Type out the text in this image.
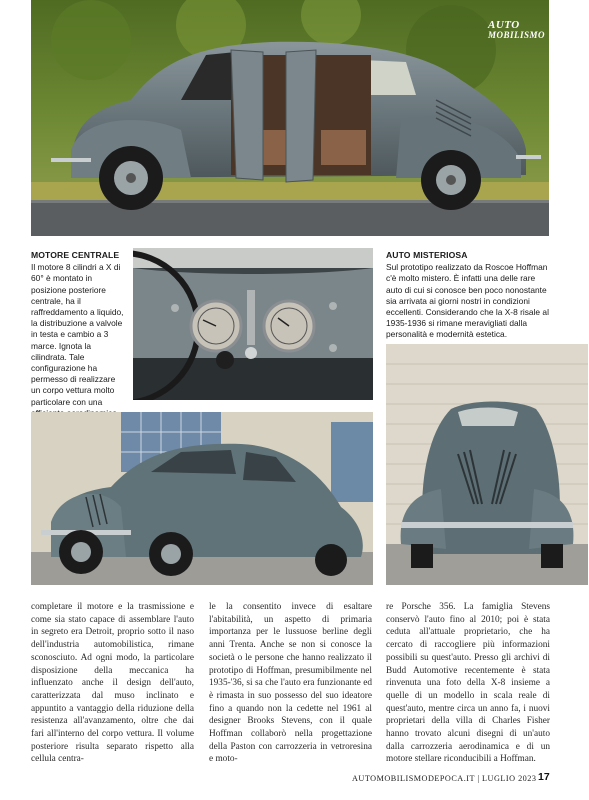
AUTO
MOBILISMO
MOTORE CENTRALE
Il motore 8 cilindri a X di 60° è montato in posizione posteriore centrale, ha il raffreddamento a liquido, la distribuzione a valvole in testa e cambio a 3 marce. Ignota la cilindrata. Tale configurazione ha permesso di realizzare un corpo vettura molto particolare con una
AUTO MISTERIOSA
Sul prototipo realizzato da Roscoe Hoffman c'è molto mistero. È infatti una delle rare auto di cui si conosce ben poco nonostante sia arrivata ai giorni nostri in condizioni eccellenti. Considerando che la X-8 risale al 1935-1936 si rimane meravigliati dalla personalità e modernità estetica.
completare il motore e la trasmissione e come sia stato capace di assemblare l'auto in segreto era Detroit, proprio sotto il naso dell'industria automobilistica, rimane sconosciuto. Ad ogni modo, la particolare disposizione della meccanica ha influenzato anche il design dell'auto, caratterizzata dal muso inclinato e appuntito a vantaggio della riduzione della resistenza all'avanzamento, oltre che dai fari all'interno del corpo vettura. Il volume posteriore risulta separato rispetto alla cellula centra-
le la consentito invece di esaltare l'abitabilità, un aspetto di primaria importanza per le lussuose berline degli anni Trenta. Anche se non si conosce la società o le persone che hanno realizzato il prototipo di Hoffman, presumibilmente nel 1935-'36, si sa che l'auto era funzionante ed è rimasta in suo possesso del suo ideatore fino a quando non la cedette nel 1961 al designer Brooks Stevens, con il quale Hoffman collaborò nella progettazione della Paston con carrozzeria in vetroresina e moto-
re Porsche 356. La famiglia Stevens conservò l'auto fino al 2010; poi è stata ceduta all'attuale proprietario, che ha cercato di raccogliere più informazioni possibili su quest'auto. Presso gli archivi di Budd Automotive recentemente è stata rinvenuta una foto della X-8 insieme a quelle di un modello in scala reale di quest'auto, mentre circa un anno fa, i nuovi proprietari della villa di Charles Fisher hanno trovato alcuni disegni di un'auto dalla carrozzeria aerodinamica e di un motore stellare riconducibili a Hoffman.
AUTOMOBILISMODEPOCA.IT | LUGLIO 2023 17
